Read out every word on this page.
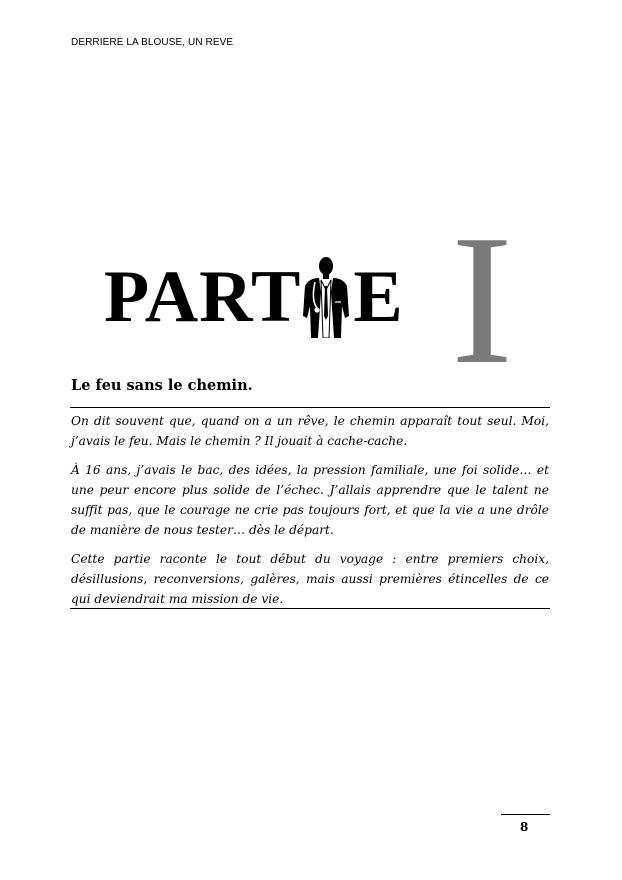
DERRIERE LA BLOUSE, UN REVE
PART E I
Le feu sans le chemin.

On dit souvent que, quand on a un rêve, le chemin apparaît tout seul. Moi, j’avais le feu. Mais le chemin ? Il jouait à cache-cache.

À 16 ans, j’avais le bac, des idées, la pression familiale, une foi solide… et une peur encore plus solide de l’échec. J’allais apprendre que le talent ne suffit pas, que le courage ne crie pas toujours fort, et que la vie a une drôle de manière de nous tester… dès le départ.

Cette partie raconte le tout début du voyage : entre premiers choix, désillusions, reconversions, galères, mais aussi premières étincelles de ce qui deviendrait ma mission de vie.

8
